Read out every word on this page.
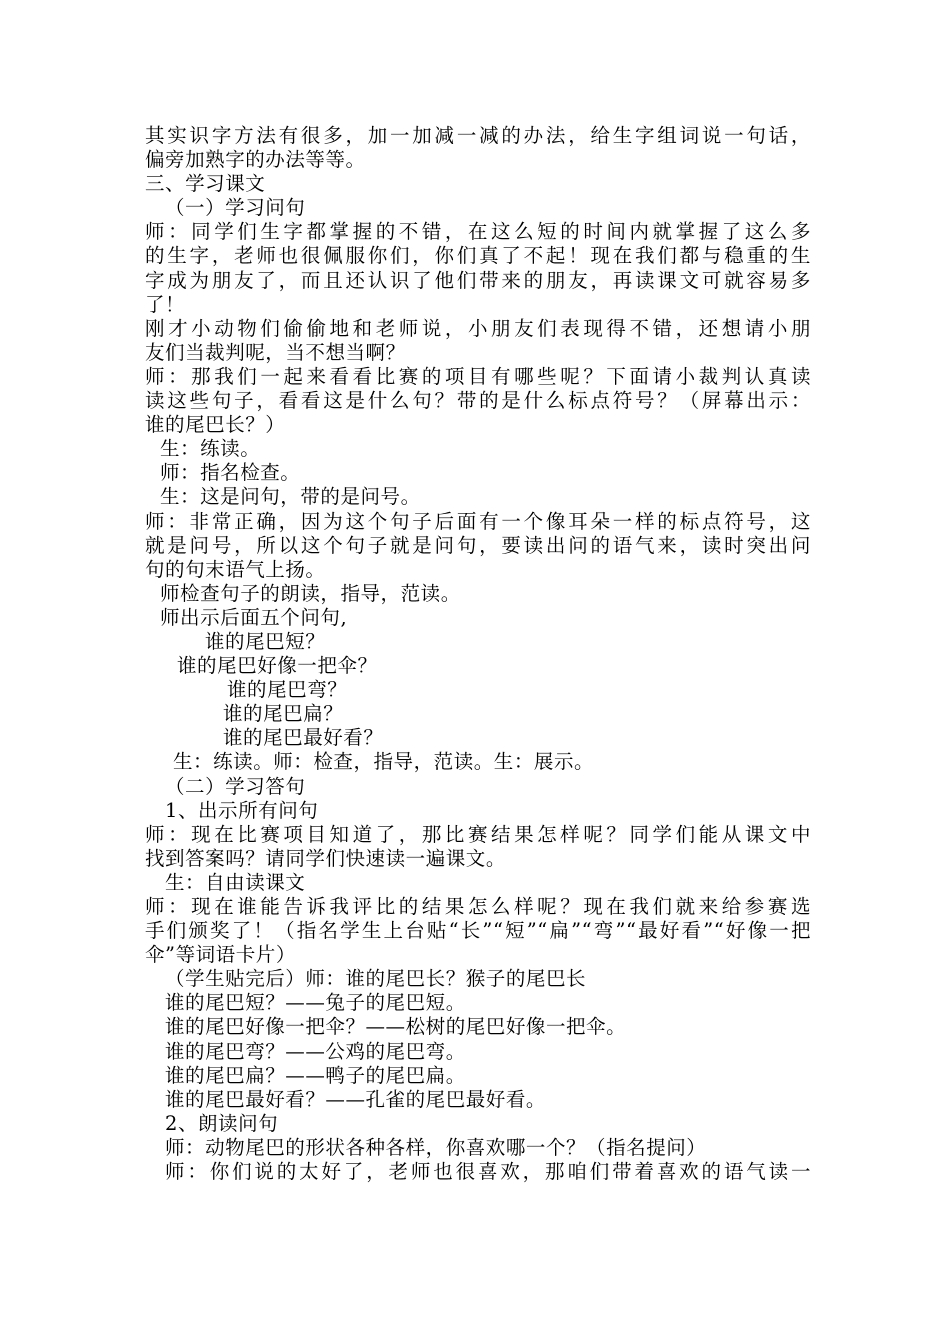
其实识字方法有很多，加一加减一减的办法，给生字组词说一句话，
偏旁加熟字的办法等等。
三、学习课文
（一）学习问句
师：同学们生字都掌握的不错，在这么短的时间内就掌握了这么多
的生字，老师也很佩服你们，你们真了不起！现在我们都与稳重的生
字成为朋友了，而且还认识了他们带来的朋友，再读课文可就容易多
了！
刚才小动物们偷偷地和老师说，小朋友们表现得不错，还想请小朋
友们当裁判呢，当不想当啊？
师：那我们一起来看看比赛的项目有哪些呢？下面请小裁判认真读
读这些句子，看看这是什么句？带的是什么标点符号？（屏幕出示：
谁的尾巴长？）
生：练读。
师：指名检查。
生：这是问句，带的是问号。
师：非常正确，因为这个句子后面有一个像耳朵一样的标点符号，这
就是问号，所以这个句子就是问句，要读出问的语气来，读时突出问
句的句末语气上扬。
师检查句子的朗读，指导，范读。
师出示后面五个问句,
谁的尾巴短？
谁的尾巴好像一把伞？
谁的尾巴弯？
谁的尾巴扁？
谁的尾巴最好看？
生：练读。师：检查，指导，范读。生：展示。
（二）学习答句
1、出示所有问句
师：现在比赛项目知道了，那比赛结果怎样呢？同学们能从课文中
找到答案吗？请同学们快速读一遍课文。
生：自由读课文
师：现在谁能告诉我评比的结果怎么样呢？现在我们就来给参赛选
手们颁奖了！（指名学生上台贴“长”“短”“扁”“弯”“最好看”“好像一把
伞”等词语卡片）
（学生贴完后）师：谁的尾巴长？猴子的尾巴长
谁的尾巴短？——兔子的尾巴短。
谁的尾巴好像一把伞？——松树的尾巴好像一把伞。
谁的尾巴弯？——公鸡的尾巴弯。
谁的尾巴扁？——鸭子的尾巴扁。
谁的尾巴最好看？——孔雀的尾巴最好看。
2、朗读问句
师：动物尾巴的形状各种各样，你喜欢哪一个？（指名提问）
师：你们说的太好了，老师也很喜欢，那咱们带着喜欢的语气读一
